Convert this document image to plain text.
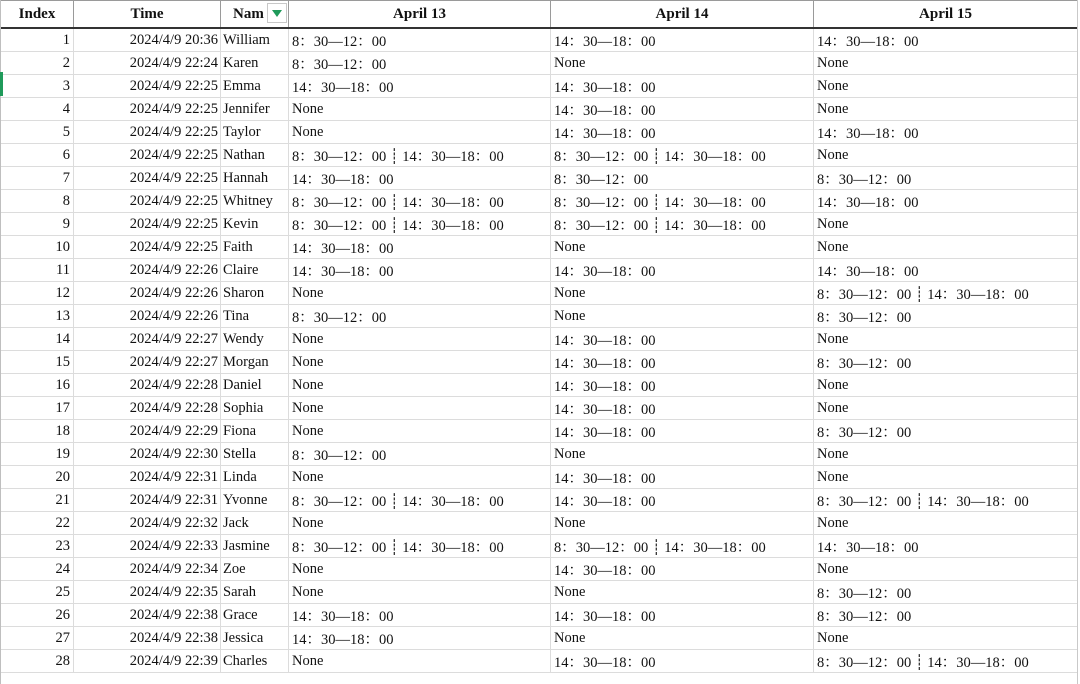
Index	Time	Nam	April 13	April 14	April 15
1	2024/4/9 20:36	William	8：30—12：00	14：30—18：00	14：30—18：00
2	2024/4/9 22:24	Karen	8：30—12：00	None	None
3	2024/4/9 22:25	Emma	14：30—18：00	14：30—18：00	None
4	2024/4/9 22:25	Jennifer	None	14：30—18：00	None
5	2024/4/9 22:25	Taylor	None	14：30—18：00	14：30—18：00
6	2024/4/9 22:25	Nathan	8：30—12：00 ┊ 14：30—18：00	8：30—12：00 ┊ 14：30—18：00	None
7	2024/4/9 22:25	Hannah	14：30—18：00	8：30—12：00	8：30—12：00
8	2024/4/9 22:25	Whitney	8：30—12：00 ┊ 14：30—18：00	8：30—12：00 ┊ 14：30—18：00	14：30—18：00
9	2024/4/9 22:25	Kevin	8：30—12：00 ┊ 14：30—18：00	8：30—12：00 ┊ 14：30—18：00	None
10	2024/4/9 22:25	Faith	14：30—18：00	None	None
11	2024/4/9 22:26	Claire	14：30—18：00	14：30—18：00	14：30—18：00
12	2024/4/9 22:26	Sharon	None	None	8：30—12：00 ┊ 14：30—18：00
13	2024/4/9 22:26	Tina	8：30—12：00	None	8：30—12：00
14	2024/4/9 22:27	Wendy	None	14：30—18：00	None
15	2024/4/9 22:27	Morgan	None	14：30—18：00	8：30—12：00
16	2024/4/9 22:28	Daniel	None	14：30—18：00	None
17	2024/4/9 22:28	Sophia	None	14：30—18：00	None
18	2024/4/9 22:29	Fiona	None	14：30—18：00	8：30—12：00
19	2024/4/9 22:30	Stella	8：30—12：00	None	None
20	2024/4/9 22:31	Linda	None	14：30—18：00	None
21	2024/4/9 22:31	Yvonne	8：30—12：00 ┊ 14：30—18：00	14：30—18：00	8：30—12：00 ┊ 14：30—18：00
22	2024/4/9 22:32	Jack	None	None	None
23	2024/4/9 22:33	Jasmine	8：30—12：00 ┊ 14：30—18：00	8：30—12：00 ┊ 14：30—18：00	14：30—18：00
24	2024/4/9 22:34	Zoe	None	14：30—18：00	None
25	2024/4/9 22:35	Sarah	None	None	8：30—12：00
26	2024/4/9 22:38	Grace	14：30—18：00	14：30—18：00	8：30—12：00
27	2024/4/9 22:38	Jessica	14：30—18：00	None	None
28	2024/4/9 22:39	Charles	None	14：30—18：00	8：30—12：00 ┊ 14：30—18：00
